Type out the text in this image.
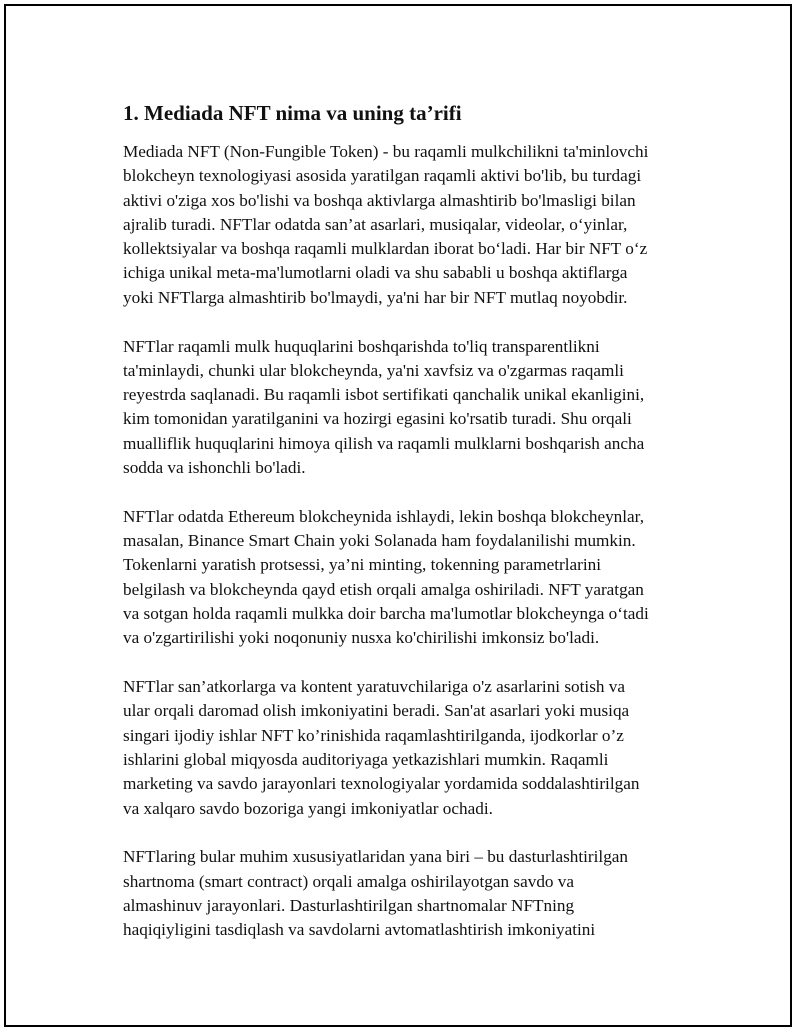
1. Mediada NFT nima va uning ta’rifi

Mediada NFT (Non-Fungible Token) - bu raqamli mulkchilikni ta'minlovchi
blokcheyn texnologiyasi asosida yaratilgan raqamli aktivi bo'lib, bu turdagi
aktivi o'ziga xos bo'lishi va boshqa aktivlarga almashtirib bo'lmasligi bilan
ajralib turadi. NFTlar odatda san’at asarlari, musiqalar, videolar, o‘yinlar,
kollektsiyalar va boshqa raqamli mulklardan iborat bo‘ladi. Har bir NFT o‘z
ichiga unikal meta-ma'lumotlarni oladi va shu sababli u boshqa aktiflarga
yoki NFTlarga almashtirib bo'lmaydi, ya'ni har bir NFT mutlaq noyobdir.

NFTlar raqamli mulk huquqlarini boshqarishda to'liq transparentlikni
ta'minlaydi, chunki ular blokcheynda, ya'ni xavfsiz va o'zgarmas raqamli
reyestrda saqlanadi. Bu raqamli isbot sertifikati qanchalik unikal ekanligini,
kim tomonidan yaratilganini va hozirgi egasini ko'rsatib turadi. Shu orqali
mualliflik huquqlarini himoya qilish va raqamli mulklarni boshqarish ancha
sodda va ishonchli bo'ladi.

NFTlar odatda Ethereum blokcheynida ishlaydi, lekin boshqa blokcheynlar,
masalan, Binance Smart Chain yoki Solanada ham foydalanilishi mumkin.
Tokenlarni yaratish protsessi, ya’ni minting, tokenning parametrlarini
belgilash va blokcheynda qayd etish orqali amalga oshiriladi. NFT yaratgan
va sotgan holda raqamli mulkka doir barcha ma'lumotlar blokcheynga o‘tadi
va o'zgartirilishi yoki noqonuniy nusxa ko'chirilishi imkonsiz bo'ladi.

NFTlar san’atkorlarga va kontent yaratuvchilariga o'z asarlarini sotish va
ular orqali daromad olish imkoniyatini beradi. San'at asarlari yoki musiqa
singari ijodiy ishlar NFT ko’rinishida raqamlashtirilganda, ijodkorlar o’z
ishlarini global miqyosda auditoriyaga yetkazishlari mumkin. Raqamli
marketing va savdo jarayonlari texnologiyalar yordamida soddalashtirilgan
va xalqaro savdo bozoriga yangi imkoniyatlar ochadi.

NFTlaring bular muhim xususiyatlaridan yana biri – bu dasturlashtirilgan
shartnoma (smart contract) orqali amalga oshirilayotgan savdo va
almashinuv jarayonlari. Dasturlashtirilgan shartnomalar NFTning
haqiqiyligini tasdiqlash va savdolarni avtomatlashtirish imkoniyatini
